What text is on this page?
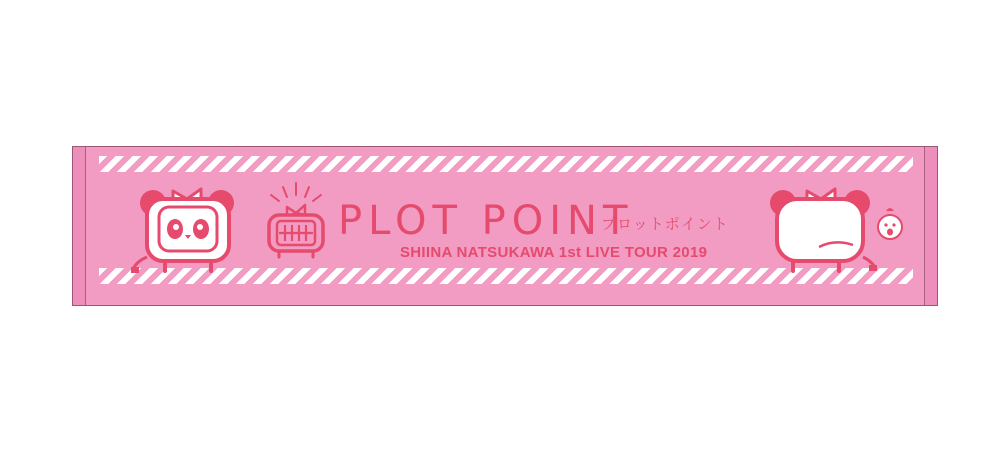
PLOT POINT
プロットポイント
SHIINA NATSUKAWA 1st LIVE TOUR 2019
